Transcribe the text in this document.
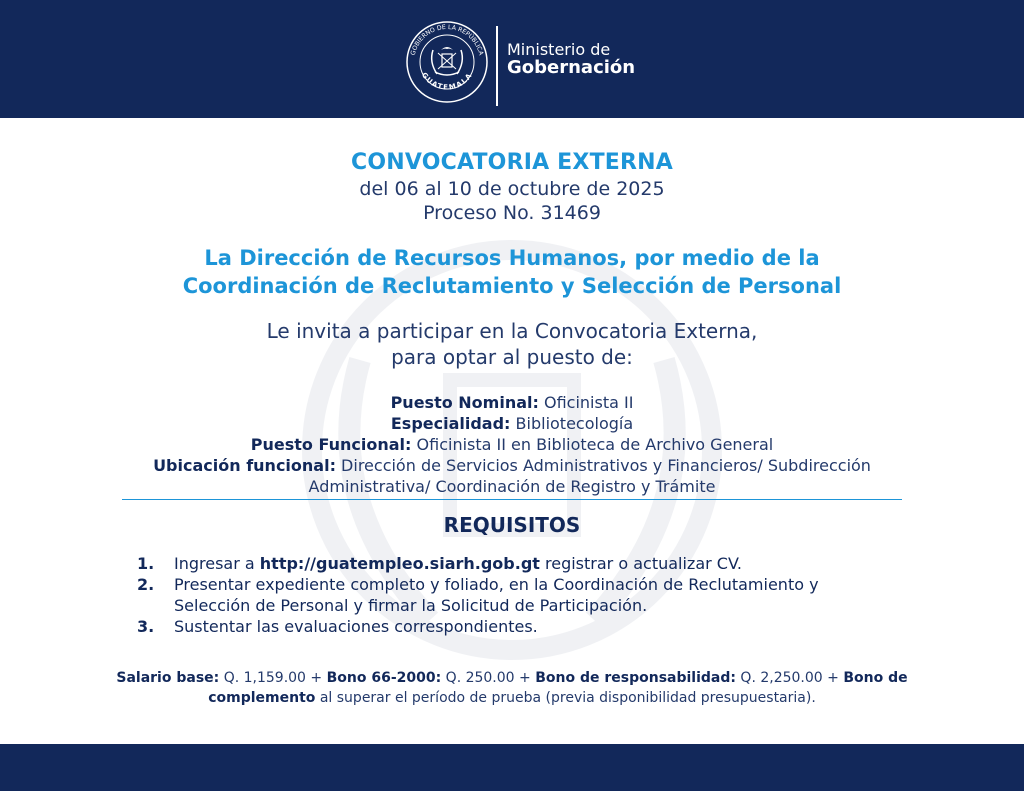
GOBIERNO DE LA REPÚBLICA
GUATEMALA
Ministerio de
Gobernación
CONVOCATORIA EXTERNA
del 06 al 10 de octubre de 2025
Proceso No. 31469
La Dirección de Recursos Humanos, por medio de la
Coordinación de Reclutamiento y Selección de Personal
Le invita a participar en la Convocatoria Externa,
para optar al puesto de:
Puesto Nominal: Oficinista II
Especialidad: Bibliotecología
Puesto Funcional: Oficinista II en Biblioteca de Archivo General
Ubicación funcional: Dirección de Servicios Administrativos y Financieros/ Subdirección
Administrativa/ Coordinación de Registro y Trámite
REQUISITOS
1.	Ingresar a http://guatempleo.siarh.gob.gt registrar o actualizar CV.
2.	Presentar expediente completo y foliado, en la Coordinación de Reclutamiento y
Selección de Personal y firmar la Solicitud de Participación.
3.	Sustentar las evaluaciones correspondientes.
Salario base: Q. 1,159.00 + Bono 66-2000: Q. 250.00 + Bono de responsabilidad: Q. 2,250.00 + Bono de complemento al superar el período de prueba (previa disponibilidad presupuestaria).
